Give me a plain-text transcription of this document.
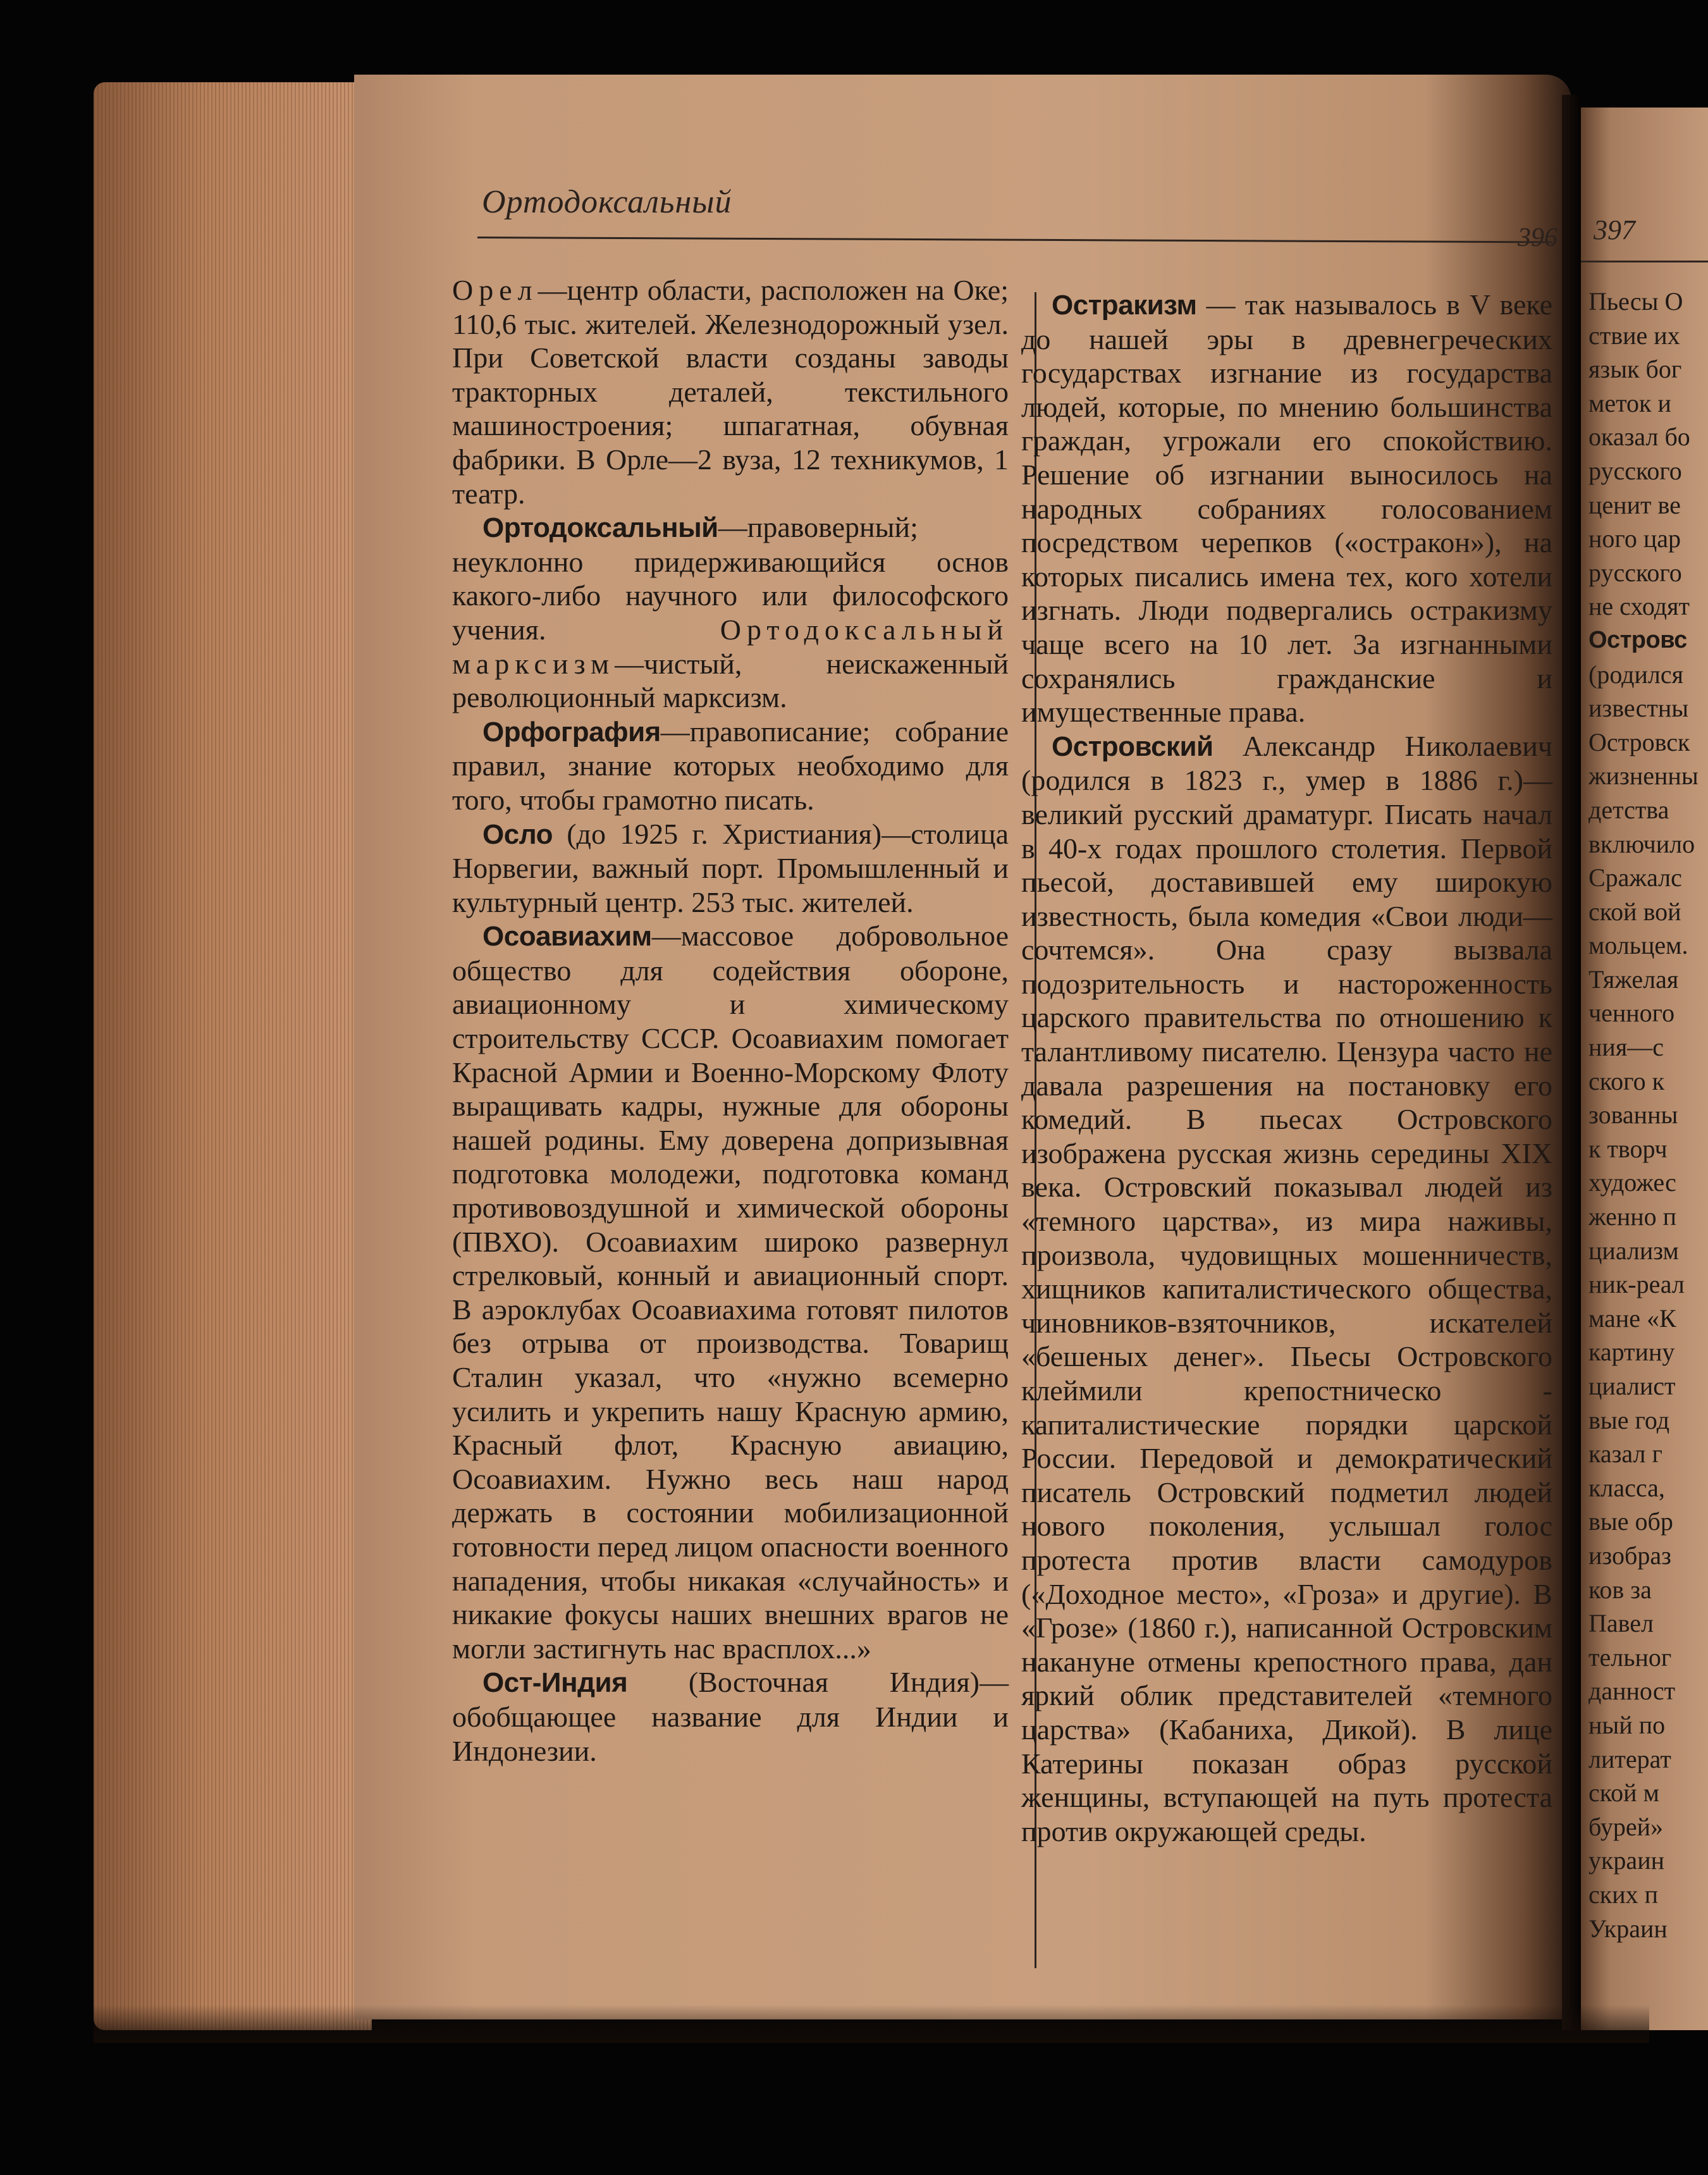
Ортодоксальный
396 397

Орел—центр области, расположен на Оке; 110,6 тыс. жителей. Железнодорожный узел. При Советской власти созданы заводы тракторных деталей, текстильного машиностроения; шпагатная, обувная фабрики. В Орле—2 вуза, 12 техникумов, 1 театр.

Ортодоксальный—правоверный; неуклонно придерживающийся основ какого-либо научного или философского учения.	Ортодоксальный марксизм—чистый, неискаженный революционный марксизм.

Орфография—правописание; собрание правил, знание которых необходимо для того, чтобы грамотно писать.

Осло (до 1925 г. Христиания)—столица Норвегии, важный порт. Промышленный и культурный центр. 253 тыс. жителей.

Осоавиахим—массовое добровольное общество для содействия обороне, авиационному и химическому строительству СССР. Осоавиахим помогает Красной Армии и Военно-Морскому Флоту выращивать кадры, нужные для обороны нашей родины. Ему доверена допризывная подготовка молодежи, подготовка команд противовоздушной и химической обороны (ПВХО). Осоавиахим широко развернул стрелковый, конный и авиационный спорт. В аэроклубах Осоавиахима готовят пилотов без отрыва от производства. Товарищ Сталин указал, что «нужно всемерно усилить и укрепить нашу Красную армию, Красный флот, Красную авиацию, Осоавиахим. Нужно весь наш народ держать в состоянии мобилизационной готовности перед лицом опасности военного нападения, чтобы никакая «случайность» и никакие фокусы наших внешних врагов не могли застигнуть нас врасплох...»

Ост-Индия (Восточная Индия)—обобщающее название для Индии и Индонезии.

Остракизм — так называлось в V веке до нашей эры в древнегреческих государствах изгнание из государства людей, которые, по мнению большинства граждан, угрожали его спокойствию. Решение об изгнании выносилось на народных собраниях голосованием посредством черепков («остракон»), на которых писались имена тех, кого хотели изгнать. Люди подвергались остракизму чаще всего на 10 лет. За изгнанными сохранялись гражданские и имущественные права.

Островский Александр Николаевич (родился в 1823 г., умер в 1886 г.)—великий русский драматург. Писать начал в 40-х годах прошлого столетия. Первой пьесой, доставившей ему широкую известность, была комедия «Свои люди—сочтемся». Она сразу вызвала подозрительность и настороженность царского правительства по отношению к талантливому писателю. Цензура часто не давала разрешения на постановку его комедий. В пьесах Островского изображена русская жизнь середины XIX века. Островский показывал людей из «темного царства», из мира наживы, произвола, чудовищных мошенничеств, хищников капиталистического общества, чиновников-взяточников, искателей «бешеных денег». Пьесы Островского клеймили крепостническо - капиталистические порядки царской России. Передовой и демократический писатель Островский подметил людей нового поколения, услышал голос протеста против власти самодуров («Доходное место», «Гроза» и другие). В «Грозе» (1860 г.), написанной Островским накануне отмены крепостного права, дан яркий облик представителей «темного царства» (Кабаниха, Дикой). В лице Катерины показан образ русской женщины, вступающей на путь протеста против окружающей среды.

Пьесы О
ствие их
язык бог
меток и
оказал бо
русского
ценит ве
ного цар
русского
не сходят
Островс
(родился
известны
Островск
жизненны
детства
включило
Сражалс
ской вой
мольцем.
Тяжелая
ченного
ния—с
ского к
зованны
к творч
художес
женно п
циализм
ник-реал
мане «К
картину
циалист
вые год
казал г
класса,
вые обр
изобраз
ков за
Павел
тельног
данност
ный по
литерат
ской м
бурей»
украин
ских п
Украин
